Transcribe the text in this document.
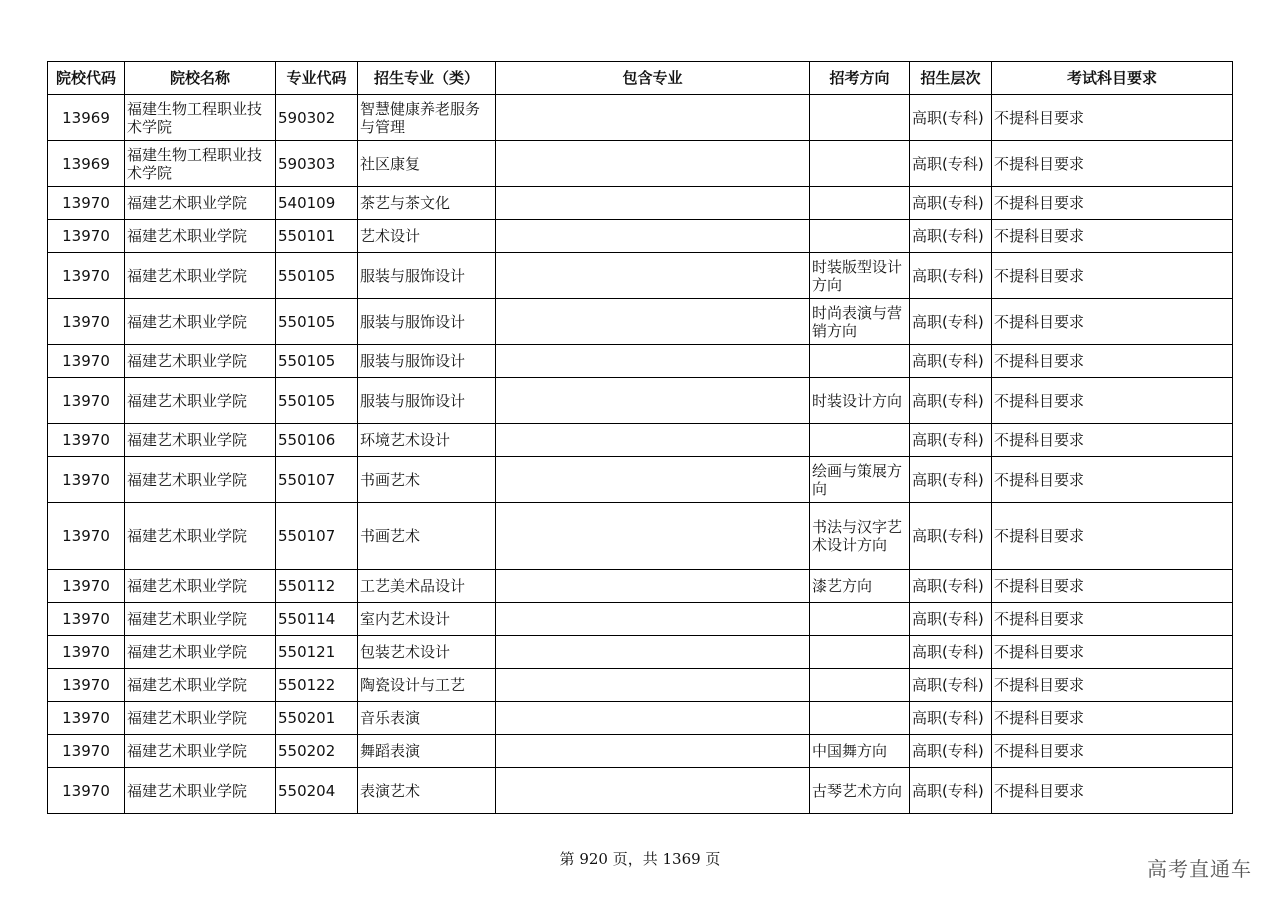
院校代码	院校名称	专业代码	招生专业（类）	包含专业	招考方向	招生层次	考试科目要求
13969	福建生物工程职业技术学院	590302	智慧健康养老服务与管理			高职(专科)	不提科目要求
13969	福建生物工程职业技术学院	590303	社区康复			高职(专科)	不提科目要求
13970	福建艺术职业学院	540109	茶艺与茶文化			高职(专科)	不提科目要求
13970	福建艺术职业学院	550101	艺术设计			高职(专科)	不提科目要求
13970	福建艺术职业学院	550105	服装与服饰设计		时装版型设计方向	高职(专科)	不提科目要求
13970	福建艺术职业学院	550105	服装与服饰设计		时尚表演与营销方向	高职(专科)	不提科目要求
13970	福建艺术职业学院	550105	服装与服饰设计			高职(专科)	不提科目要求
13970	福建艺术职业学院	550105	服装与服饰设计		时装设计方向	高职(专科)	不提科目要求
13970	福建艺术职业学院	550106	环境艺术设计			高职(专科)	不提科目要求
13970	福建艺术职业学院	550107	书画艺术		绘画与策展方向	高职(专科)	不提科目要求
13970	福建艺术职业学院	550107	书画艺术		书法与汉字艺术设计方向	高职(专科)	不提科目要求
13970	福建艺术职业学院	550112	工艺美术品设计		漆艺方向	高职(专科)	不提科目要求
13970	福建艺术职业学院	550114	室内艺术设计			高职(专科)	不提科目要求
13970	福建艺术职业学院	550121	包装艺术设计			高职(专科)	不提科目要求
13970	福建艺术职业学院	550122	陶瓷设计与工艺			高职(专科)	不提科目要求
13970	福建艺术职业学院	550201	音乐表演			高职(专科)	不提科目要求
13970	福建艺术职业学院	550202	舞蹈表演		中国舞方向	高职(专科)	不提科目要求
13970	福建艺术职业学院	550204	表演艺术		古琴艺术方向	高职(专科)	不提科目要求
第 920 页，共 1369 页	高考直通车
